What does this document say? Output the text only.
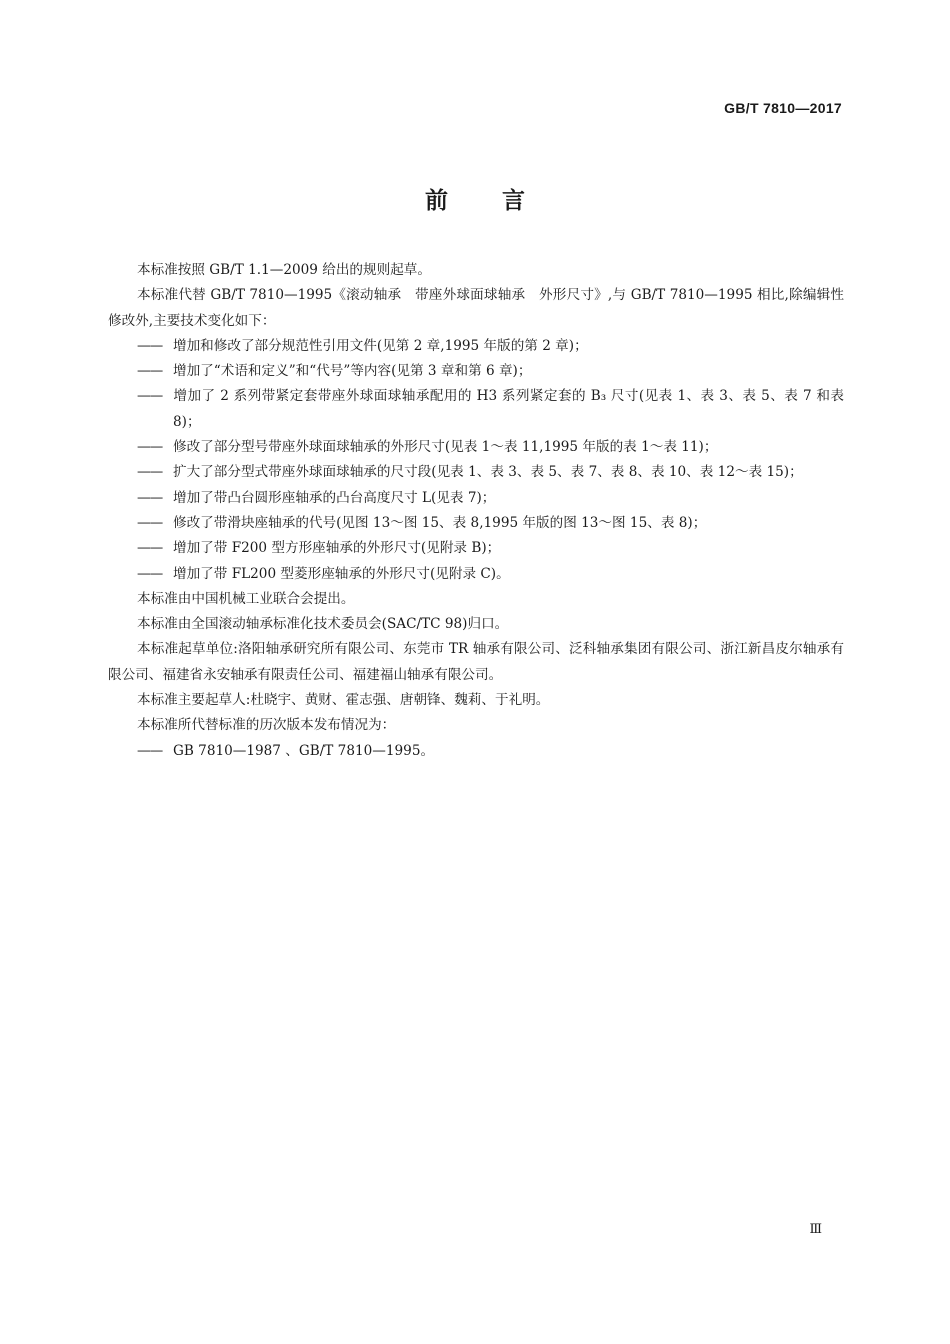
GB/T 7810—2017
前 言

本标准按照 GB/T 1.1—2009 给出的规则起草。

本标准代替 GB/T 7810—1995《滚动轴承　带座外球面球轴承　外形尺寸》,与 GB/T 7810—1995 相比,除编辑性修改外,主要技术变化如下：

—— 增加和修改了部分规范性引用文件(见第 2 章,1995 年版的第 2 章)；

—— 增加了“术语和定义”和“代号”等内容(见第 3 章和第 6 章)；

—— 增加了 2 系列带紧定套带座外球面球轴承配用的 H3 系列紧定套的 B₃ 尺寸(见表 1、表 3、表 5、表 7 和表 8)；

—— 修改了部分型号带座外球面球轴承的外形尺寸(见表 1～表 11,1995 年版的表 1～表 11)；

—— 扩大了部分型式带座外球面球轴承的尺寸段(见表 1、表 3、表 5、表 7、表 8、表 10、表 12～表 15)；

—— 增加了带凸台圆形座轴承的凸台高度尺寸 L(见表 7)；

—— 修改了带滑块座轴承的代号(见图 13～图 15、表 8,1995 年版的图 13～图 15、表 8)；

—— 增加了带 F200 型方形座轴承的外形尺寸(见附录 B)；

—— 增加了带 FL200 型菱形座轴承的外形尺寸(见附录 C)。

本标准由中国机械工业联合会提出。

本标准由全国滚动轴承标准化技术委员会(SAC/TC 98)归口。

本标准起草单位:洛阳轴承研究所有限公司、东莞市 TR 轴承有限公司、泛科轴承集团有限公司、浙江新昌皮尔轴承有限公司、福建省永安轴承有限责任公司、福建福山轴承有限公司。

本标准主要起草人:杜晓宇、黄财、霍志强、唐朝锋、魏莉、于礼明。

本标准所代替标准的历次版本发布情况为：

—— GB 7810—1987 、GB/T 7810—1995。

Ⅲ
